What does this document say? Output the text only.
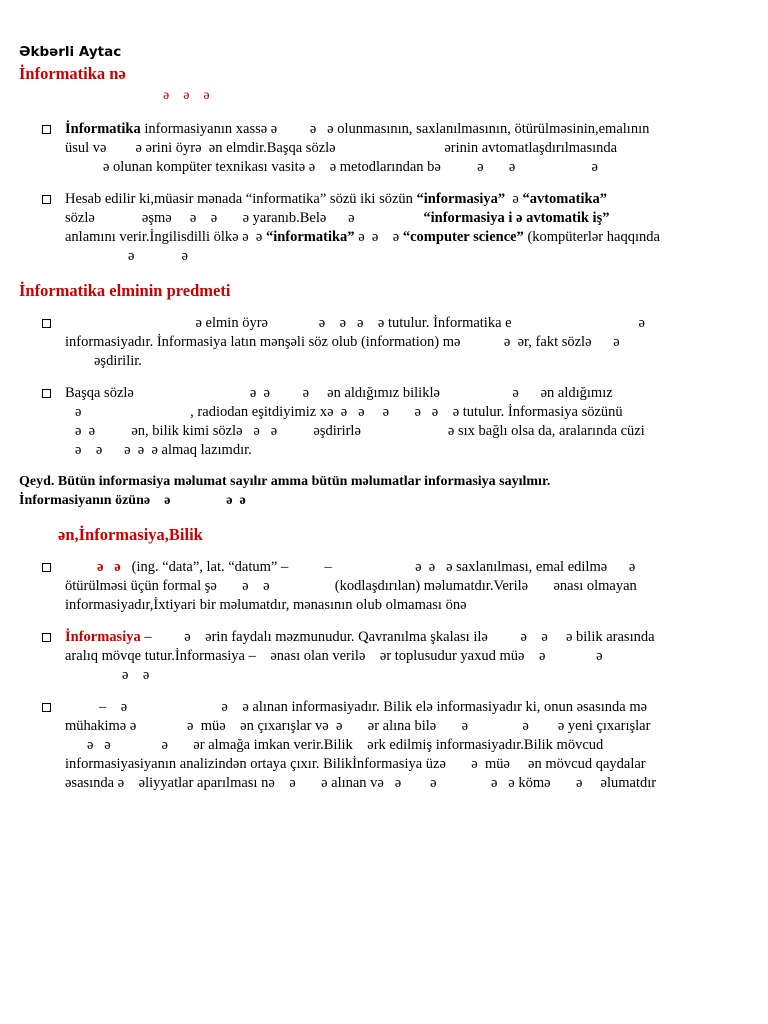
Əkbərli Aytac
İnformatika nə
ə    ə    ə
İnformatika informasiyanın xassə ə         ə   ə olunmasının, saxlanılmasının, ötürülməsinin,emalının
üsul və        ə ərini öyrə  ən elmdir.Başqa sözlə                              ərinin avtomatlaşdırılmasında
ə olunan kompüter texnikası vasitə ə    ə metodlarından bə          ə       ə                     ə
Hesab edilir ki,müasir mənada “informatika” sözü iki sözün “informasiya”  ə “avtomatika”
sözlə             əşmə     ə    ə       ə yaranıb.Belə      ə                   “informasiya i ə avtomatik iş”
anlamını verir.İngilisdilli ölkə ə  ə “informatika” ə  ə    ə “computer science” (kompüterlər haqqında
ə             ə
İnformatika elminin predmeti
ə elmin öyrə              ə    ə   ə    ə tutulur. İnformatika e                                   ə
informasiyadır. İnformasiya latın mənşəli söz olub (information) mə            ə  ər, fakt sözlə      ə
əşdirilir.
Başqa sözlə                                ə  ə         ə     ən aldığımız biliklə                    ə      ən aldığımız
ə                              , radiodan eşitdiyimiz xə  ə   ə     ə       ə   ə    ə tutulur. İnformasiya sözünü
ə  ə          ən, bilik kimi sözlə   ə   ə          əşdirirlə                        ə sıx bağlı olsa da, aralarında cüzi
ə    ə      ə  ə  ə almaq lazımdır.
Qeyd. Bütün informasiya məlumat sayılır amma bütün məlumatlar informasiya sayılmır.
İnformasiyanın özünə    ə                ə  ə
ən,İnformasiya,Bilik
ə   ə   (ing. “data”, lat. “datum” –          –                       ə  ə   ə saxlanılması, emal edilmə      ə
ötürülməsi üçün formal şə       ə    ə                  (kodlaşdırılan) məlumatdır.Verilə       ənası olmayan
informasiyadır,İxtiyari bir məlumatdır, mənasının olub olmaması önə
İnformasiya –         ə    ərin faydalı məzmunudur. Qavranılma şkalası ilə         ə    ə     ə bilik arasında
aralıq mövqe tutur.İnformasiya –    ənası olan verilə    ər toplusudur yaxud müə    ə              ə
ə    ə
–    ə                          ə    ə alınan informasiyadır. Bilik elə informasiyadır ki, onun əsasında mə
mühakimə ə              ə  müə    ən çıxarışlar və  ə       ər alına bilə       ə               ə        ə yeni çıxarışlar
ə   ə              ə       ər almağa imkan verir.Bilik    ərk edilmiş informasiyadır.Bilik mövcud
informasiyasiyanın analizindən ortaya çıxır. Bilikİnformasiya üzə       ə  müə     ən mövcud qaydalar
əsasında ə    əliyyatlar aparılması nə    ə       ə alınan və   ə        ə               ə   ə kömə       ə     əlumatdır
